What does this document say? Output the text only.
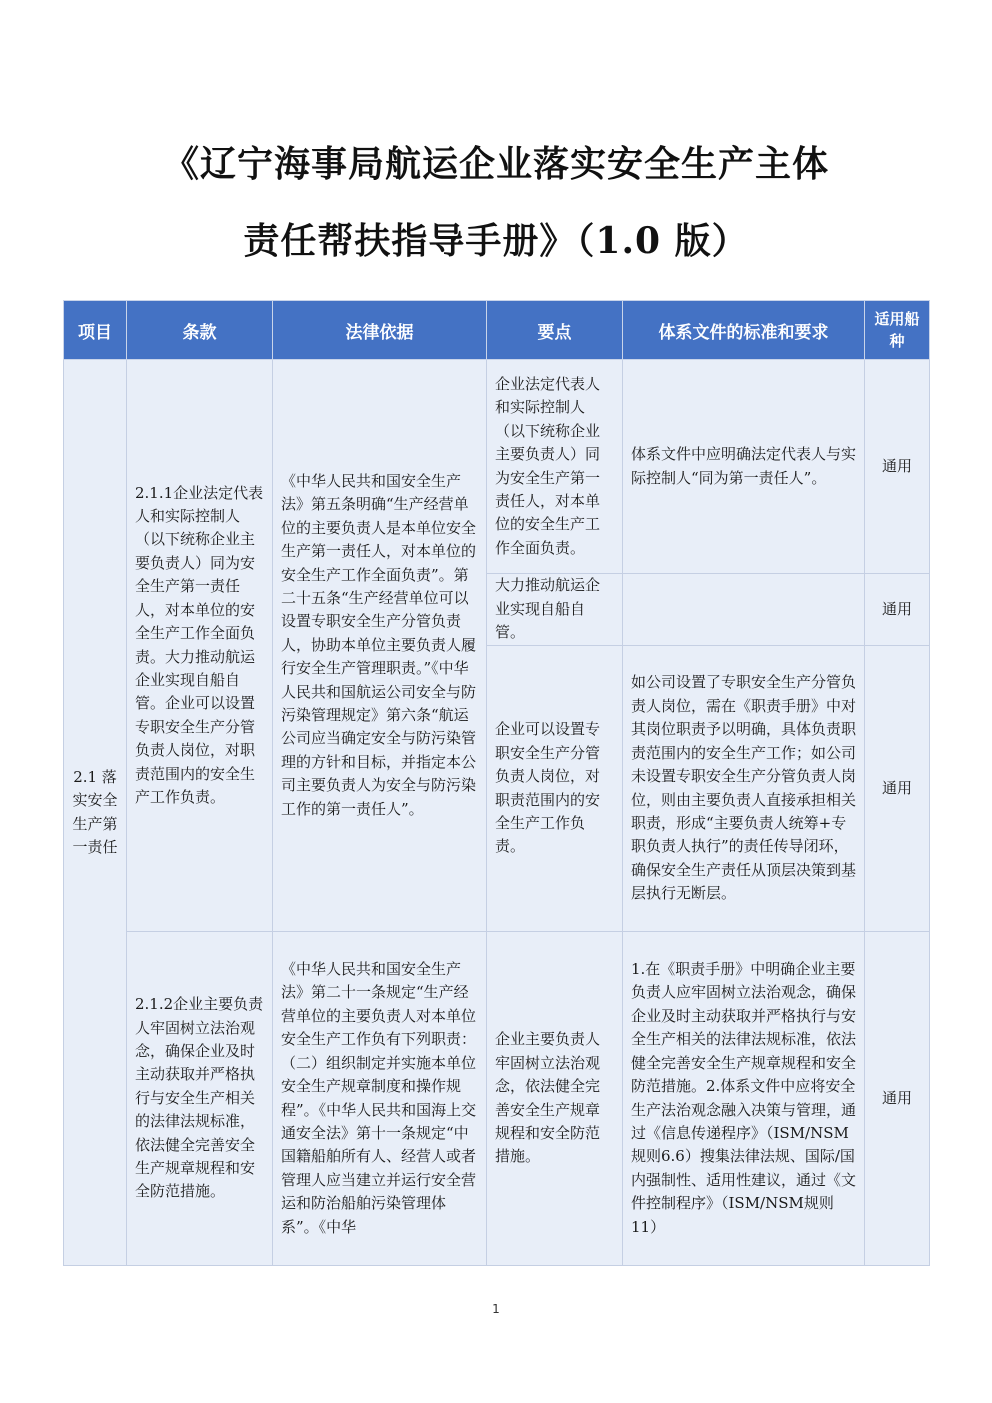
《辽宁海事局航运企业落实安全生产主体
责任帮扶指导手册》（1.0 版）
项目	条款	法律依据	要点	体系文件的标准和要求	适用船种
2.1 落实安全生产第一责任	2.1.1企业法定代表人和实际控制人（以下统称企业主要负责人）同为安全生产第一责任人，对本单位的安全生产工作全面负责。大力推动航运企业实现自船自管。企业可以设置专职安全生产分管负责人岗位，对职责范围内的安全生产工作负责。	《中华人民共和国安全生产法》第五条明确“生产经营单位的主要负责人是本单位安全生产第一责任人，对本单位的安全生产工作全面负责”。第二十五条“生产经营单位可以设置专职安全生产分管负责人，协助本单位主要负责人履行安全生产管理职责。”《中华人民共和国航运公司安全与防污染管理规定》第六条“航运公司应当确定安全与防污染管理的方针和目标，并指定本公司主要负责人为安全与防污染工作的第一责任人”。	企业法定代表人和实际控制人（以下统称企业主要负责人）同为安全生产第一责任人，对本单位的安全生产工作全面负责。	体系文件中应明确法定代表人与实际控制人“同为第一责任人”。	通用
			大力推动航运企业实现自船自管。		通用
			企业可以设置专职安全生产分管负责人岗位，对职责范围内的安全生产工作负责。	如公司设置了专职安全生产分管负责人岗位，需在《职责手册》中对其岗位职责予以明确，具体负责职责范围内的安全生产工作；如公司未设置专职安全生产分管负责人岗位，则由主要负责人直接承担相关职责，形成“主要负责人统筹+专职负责人执行”的责任传导闭环，确保安全生产责任从顶层决策到基层执行无断层。	通用
	2.1.2企业主要负责人牢固树立法治观念，确保企业及时主动获取并严格执行与安全生产相关的法律法规标准，依法健全完善安全生产规章规程和安全防范措施。	《中华人民共和国安全生产法》第二十一条规定“生产经营单位的主要负责人对本单位安全生产工作负有下列职责：（二）组织制定并实施本单位安全生产规章制度和操作规程”。《中华人民共和国海上交通安全法》第十一条规定“中国籍船舶所有人、经营人或者管理人应当建立并运行安全营运和防治船舶污染管理体系”。《中华	企业主要负责人牢固树立法治观念，依法健全完善安全生产规章规程和安全防范措施。	1.在《职责手册》中明确企业主要负责人应牢固树立法治观念，确保企业及时主动获取并严格执行与安全生产相关的法律法规标准，依法健全完善安全生产规章规程和安全防范措施。2.体系文件中应将安全生产法治观念融入决策与管理，通过《信息传递程序》（ISM/NSM规则6.6）搜集法律法规、国际/国内强制性、适用性建议，通过《文件控制程序》（ISM/NSM规则11）	通用
1
